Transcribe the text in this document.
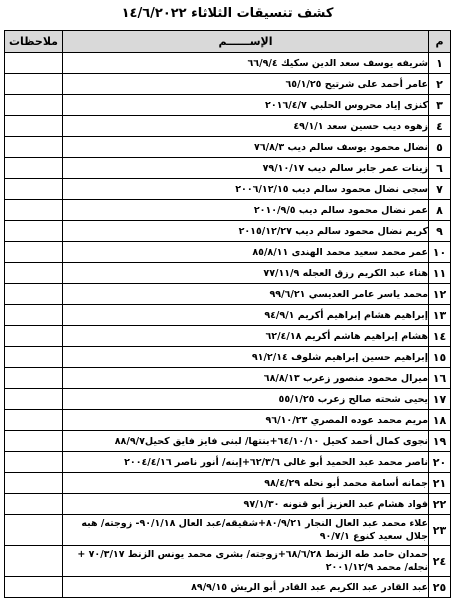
كشف تنسيقات الثلاثاء ١٤/٦/٢٠٢٢
م	الإســــــم	ملاحظات
١	شريفه يوسف سعد الدين سكيك ٦٦/٩/٤	
٢	عامر أحمد على شرتيح ٦٥/١/٢٥	
٣	كنزى إياد محروس الحلبي ٢٠١٦/٤/٧	
٤	زهوه ديب حسين سعد ٤٩/١/١	
٥	نضال محمود يوسف سالم ديب ٧٦/٨/٣	
٦	زينات عمر جابر سالم ديب ٧٩/١٠/١٧	
٧	سجى نضال محمود سالم ديب ٢٠٠٦/١٢/١٥	
٨	عمر نضال محمود سالم ديب ٢٠١٠/٩/٥	
٩	كريم نضال محمود سالم ديب ٢٠١٥/١٢/٢٧	
١٠	عمر محمد سعيد محمد الهندى ٨٥/٨/١١	
١١	هناء عبد الكريم رزق العجله ٧٧/١١/٩	
١٢	محمد ياسر عامر العديسي ٩٩/٦/٢١	
١٣	إبراهيم هشام إبراهيم أكريم ٩٤/٩/١	
١٤	هشام إبراهيم هاشم أكريم ٦٢/٤/١٨	
١٥	إبراهيم حسين إبراهيم شلوف ٩١/٢/١٤	
١٦	ميرال محمود منصور زعرب ٦٨/٨/١٣	
١٧	يحيى شحته صالح زعرب ٥٥/١/٢٥	
١٨	مريم محمد عوده المصري ٩٦/١٠/٢٣	
١٩	نجوى كمال أحمد كحيل ٦٤/١٠/١٠+بنتها/ لبنى فايز فايق كحيل٨٨/٩/٧	
٢٠	ناصر محمد عبد الحميد أبو غالى ٦٢/٣/٦+إبنه/ أنور ناصر ٢٠٠٤/٤/١٦	
٢١	جمانه أسامة محمد أبو نحله ٩٨/٤/٢٩	
٢٢	فواد هشام عبد العزيز أبو قنونه ٩٧/١/٣٠	
٢٣	علاء محمد عبد العال النجار ٨٠/٩/٢١+شقيقه/عبد العال ٩٠/١/١٨- زوجته/ هبه جلال سعيد كنوع ٩٠/٧/١	
٢٤	حمدان حامد طه الزنط ٦٨/٦/٢٨+زوجته/ بشرى محمد يونس الزنط ٧٠/٣/١٧ + نجله/ محمد ٢٠٠١/١٢/٩	
٢٥	عبد القادر عبد الكريم عبد القادر أبو الريش ٨٩/٩/١٥	
